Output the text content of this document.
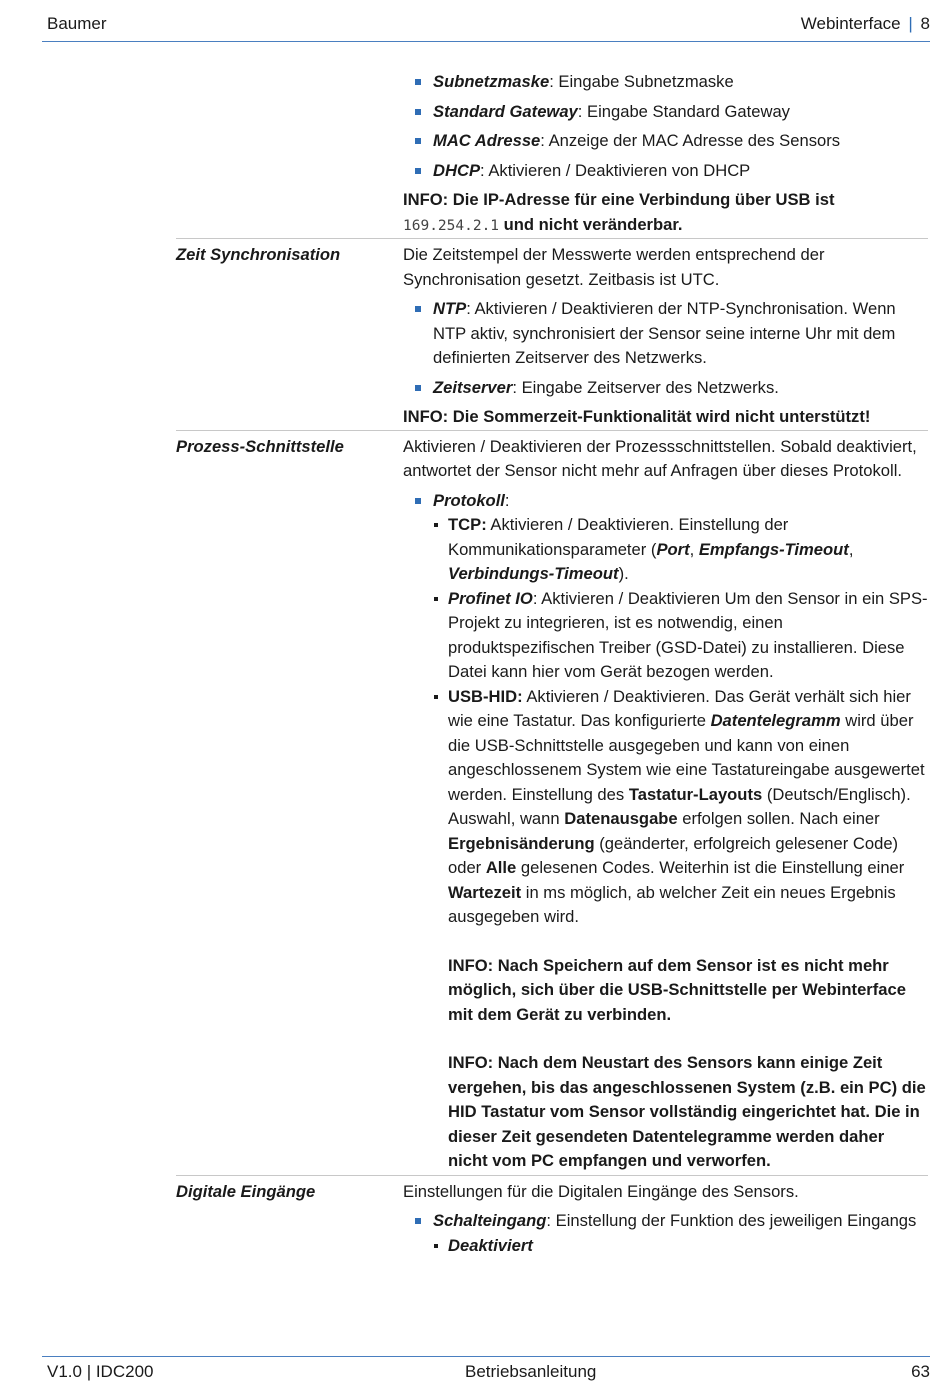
Baumer	Webinterface | 8
Subnetzmaske: Eingabe Subnetzmaske
Standard Gateway: Eingabe Standard Gateway
MAC Adresse: Anzeige der MAC Adresse des Sensors
DHCP: Aktivieren / Deaktivieren von DHCP

INFO: Die IP-Adresse für eine Verbindung über USB ist
169.254.2.1 und nicht veränderbar.

Zeit Synchronisation	Die Zeitstempel der Messwerte werden entsprechend der Synchronisation gesetzt. Zeitbasis ist UTC.

NTP: Aktivieren / Deaktivieren der NTP-Synchronisation. Wenn NTP aktiv, synchronisiert der Sensor seine interne Uhr mit dem definierten Zeitserver des Netzwerks.
Zeitserver: Eingabe Zeitserver des Netzwerks.

INFO: Die Sommerzeit-Funktionalität wird nicht unterstützt!

Prozess-Schnittstelle	Aktivieren / Deaktivieren der Prozessschnittstellen. Sobald deaktiviert, antwortet der Sensor nicht mehr auf Anfragen über dieses Protokoll.

Protokoll:
TCP: Aktivieren / Deaktivieren. Einstellung der Kommunikationsparameter (Port, Empfangs-Timeout, Verbindungs-Timeout).
Profinet IO: Aktivieren / Deaktivieren Um den Sensor in ein SPS-Projekt zu integrieren, ist es notwendig, einen produktspezifischen Treiber (GSD-Datei) zu installieren. Diese Datei kann hier vom Gerät bezogen werden.
USB-HID: Aktivieren / Deaktivieren. Das Gerät verhält sich hier wie eine Tastatur. Das konfigurierte Datentelegramm wird über die USB-Schnittstelle ausgegeben und kann von einen angeschlossenem System wie eine Tastatureingabe ausgewertet werden. Einstellung des Tastatur-Layouts (Deutsch/Englisch). Auswahl, wann Datenausgabe erfolgen sollen. Nach einer Ergebnisänderung (geänderter, erfolgreich gelesener Code) oder Alle gelesenen Codes. Weiterhin ist die Einstellung einer Wartezeit in ms möglich, ab welcher Zeit ein neues Ergebnis ausgegeben wird.

INFO: Nach Speichern auf dem Sensor ist es nicht mehr möglich, sich über die USB-Schnittstelle per Webinterface mit dem Gerät zu verbinden.

INFO: Nach dem Neustart des Sensors kann einige Zeit vergehen, bis das angeschlossenen System (z.B. ein PC) die HID Tastatur vom Sensor vollständig eingerichtet hat. Die in dieser Zeit gesendeten Datentelegramme werden daher nicht vom PC empfangen und verworfen.

Digitale Eingänge	Einstellungen für die Digitalen Eingänge des Sensors.

Schalteingang: Einstellung der Funktion des jeweiligen Eingangs
Deaktiviert
V1.0 | IDC200	Betriebsanleitung	63
